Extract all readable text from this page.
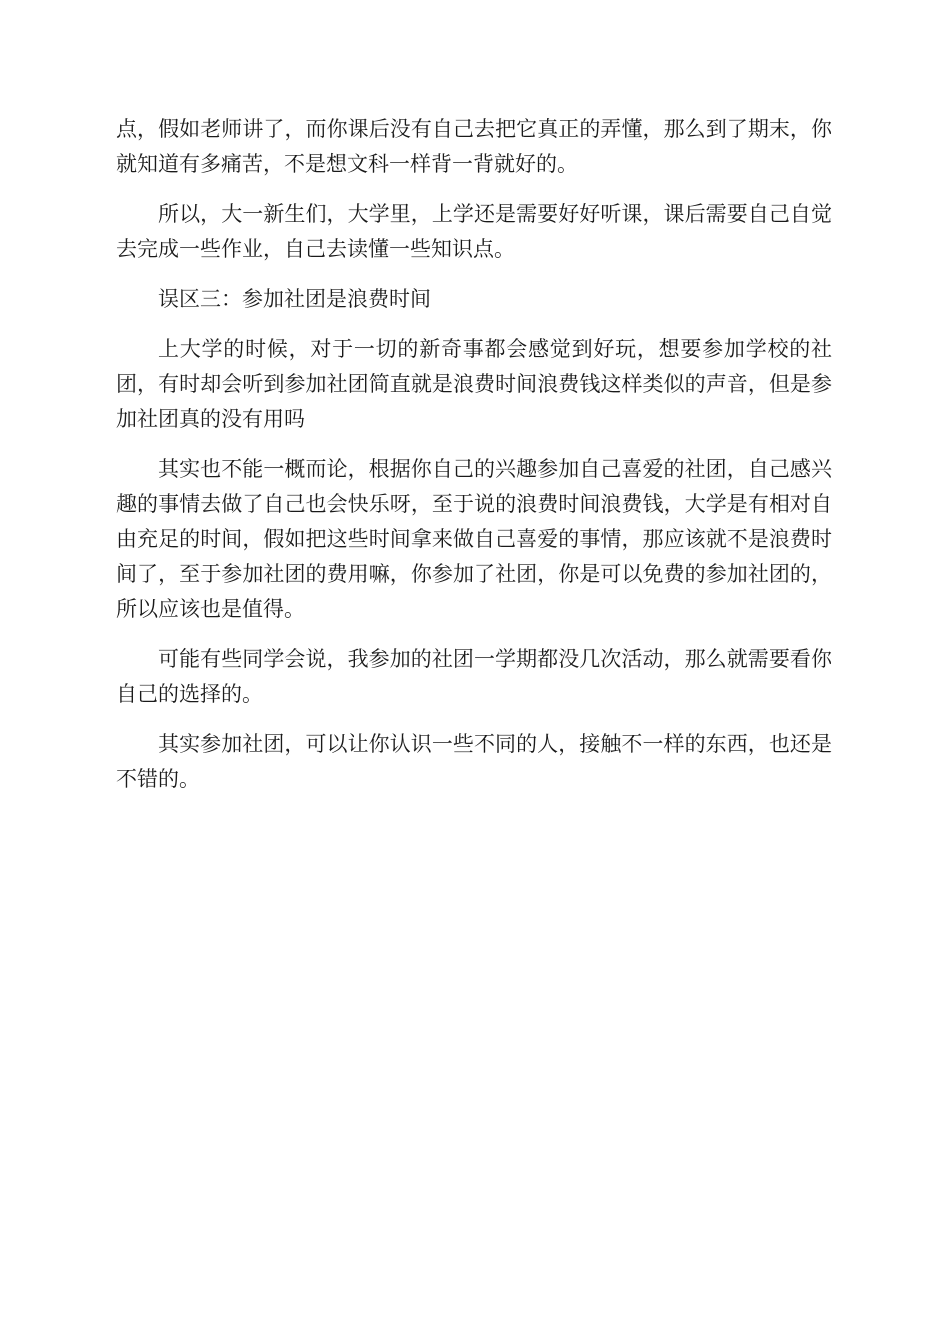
点，假如老师讲了，而你课后没有自己去把它真正的弄懂，那么到了期末，你就知道有多痛苦，不是想文科一样背一背就好的。

所以，大一新生们，大学里，上学还是需要好好听课，课后需要自己自觉去完成一些作业，自己去读懂一些知识点。

误区三：参加社团是浪费时间

上大学的时候，对于一切的新奇事都会感觉到好玩，想要参加学校的社团，有时却会听到参加社团简直就是浪费时间浪费钱这样类似的声音，但是参加社团真的没有用吗

其实也不能一概而论，根据你自己的兴趣参加自己喜爱的社团，自己感兴趣的事情去做了自己也会快乐呀，至于说的浪费时间浪费钱，大学是有相对自由充足的时间，假如把这些时间拿来做自己喜爱的事情，那应该就不是浪费时间了，至于参加社团的费用嘛，你参加了社团，你是可以免费的参加社团的，所以应该也是值得。

可能有些同学会说，我参加的社团一学期都没几次活动，那么就需要看你自己的选择的。

其实参加社团，可以让你认识一些不同的人，接触不一样的东西，也还是不错的。
